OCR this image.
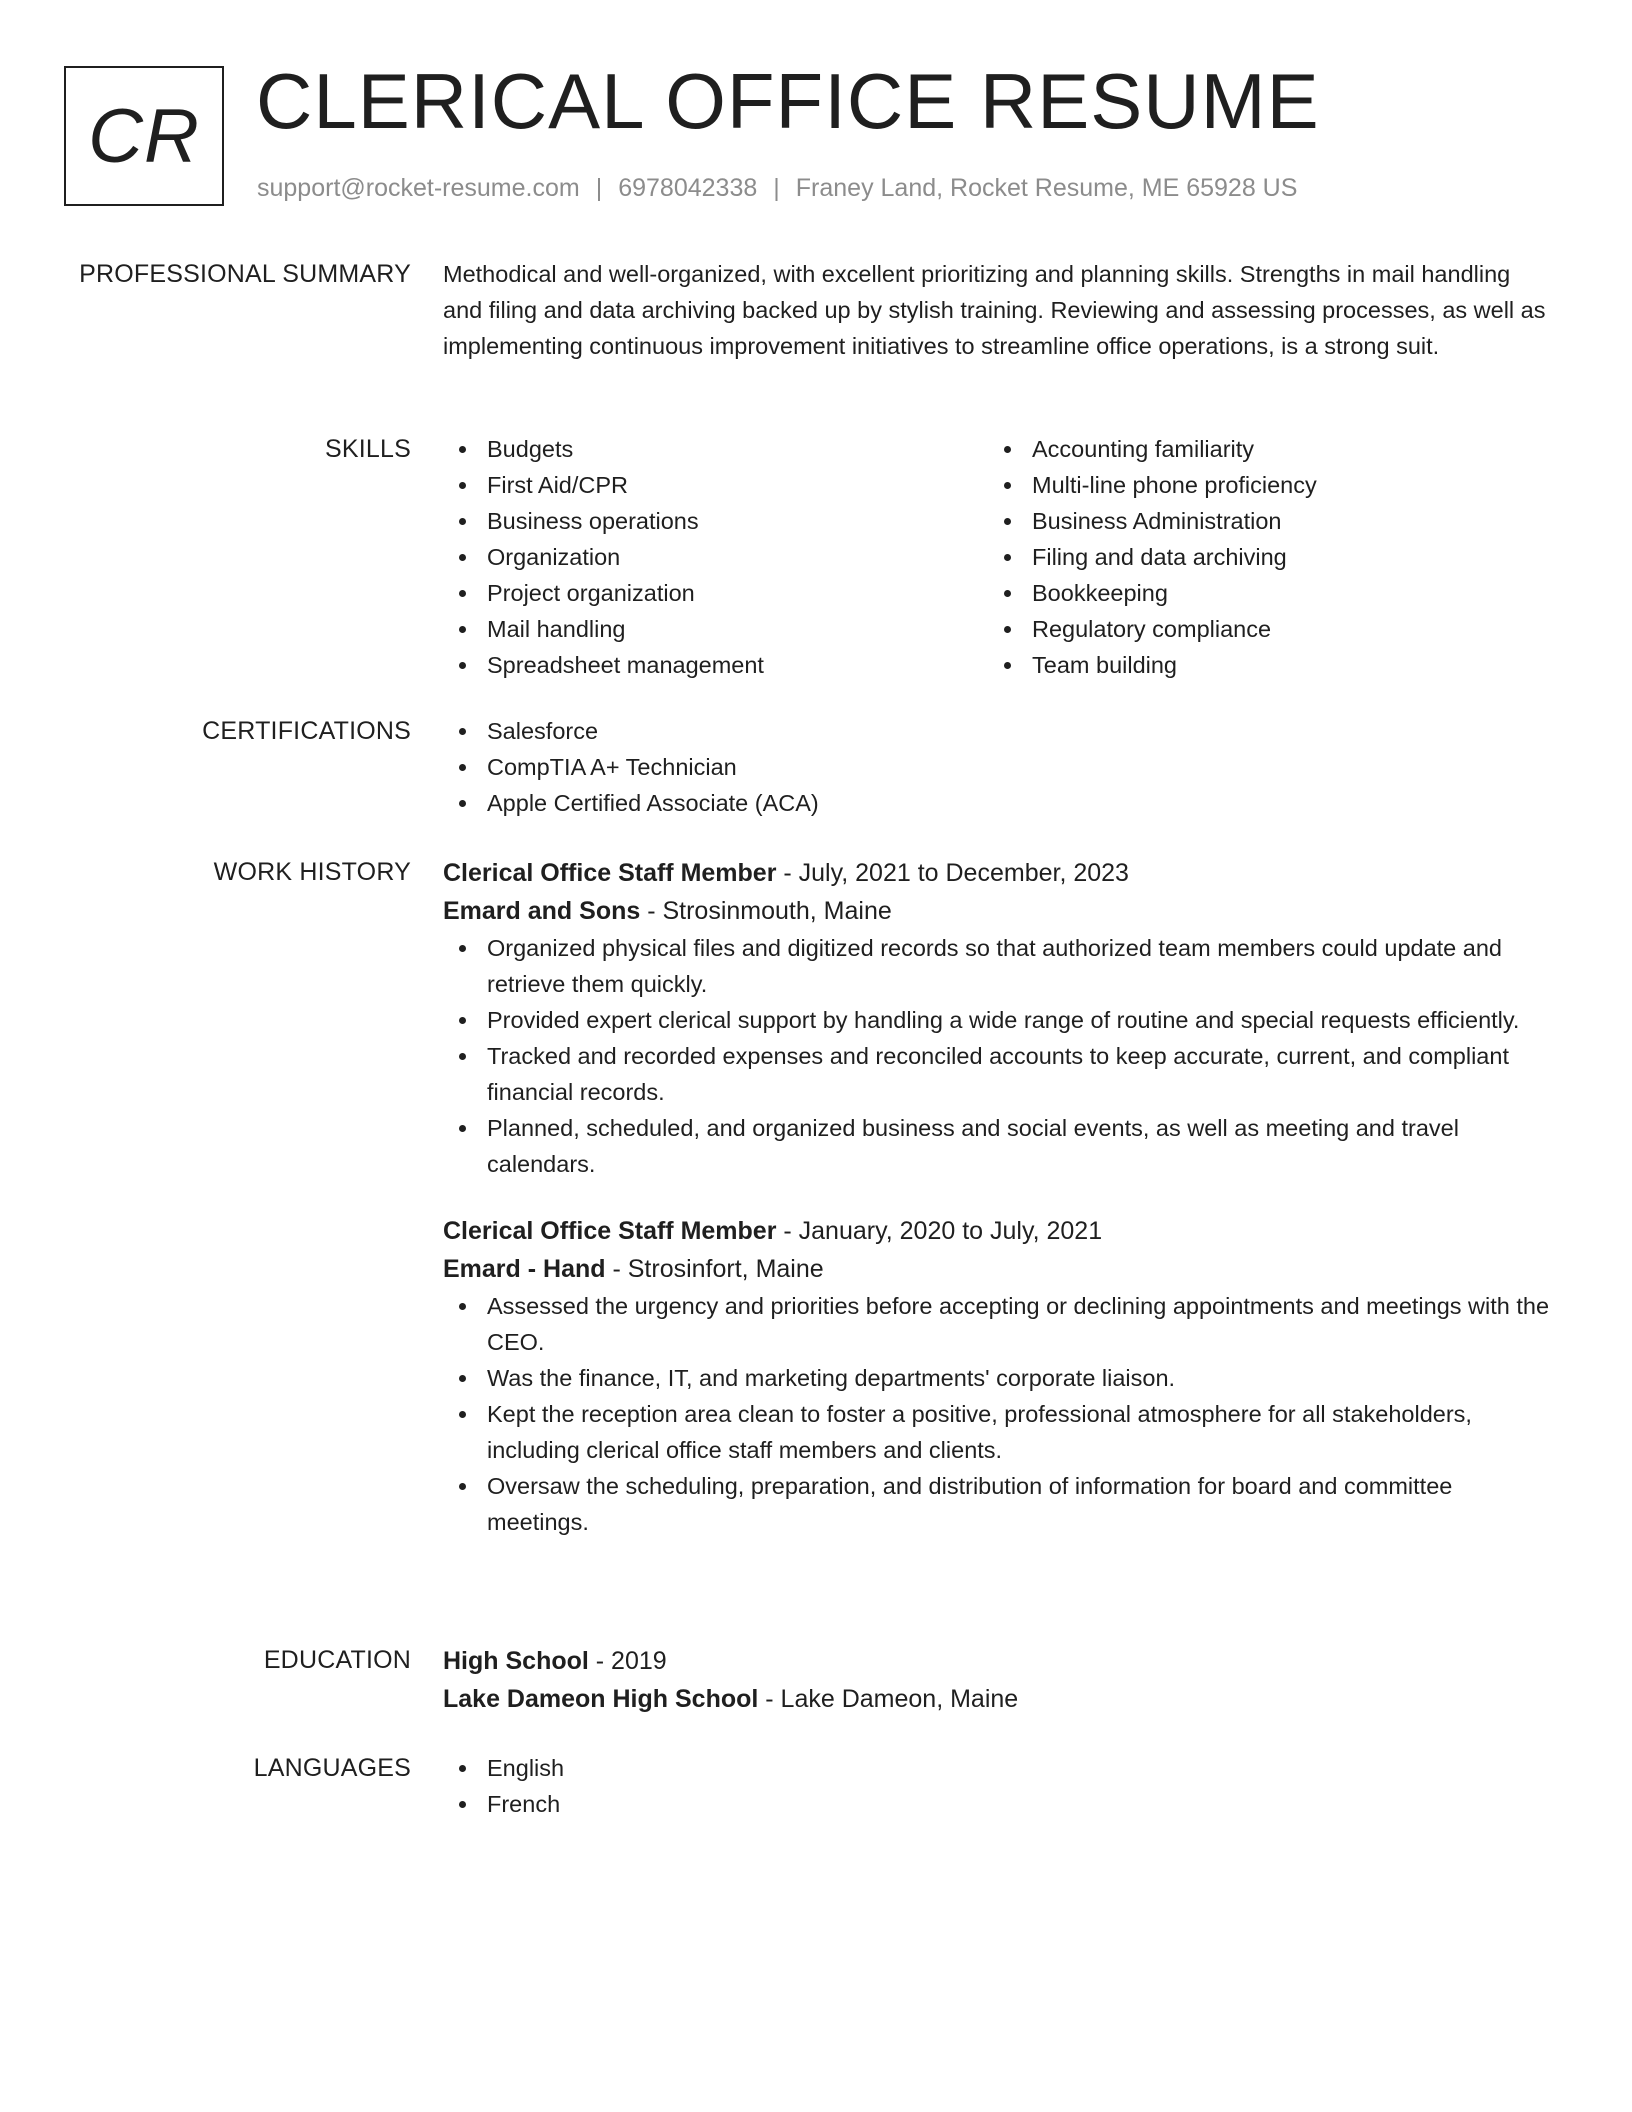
CR CLERICAL OFFICE RESUME
support@rocket-resume.com | 6978042338 | Franey Land, Rocket Resume, ME 65928 US
PROFESSIONAL SUMMARY Methodical and well-organized, with excellent prioritizing and planning skills. Strengths in mail handling and filing and data archiving backed up by stylish training. Reviewing and assessing processes, as well as implementing continuous improvement initiatives to streamline office operations, is a strong suit.

SKILLS	Budgets
First Aid/CPR
Business operations
Organization
Project organization
Mail handling
Spreadsheet management
Accounting familiarity
Multi-line phone proficiency
Business Administration
Filing and data archiving
Bookkeeping
Regulatory compliance
Team building
CERTIFICATIONS	Salesforce
CompTIA A+ Technician
Apple Certified Associate (ACA)
WORK HISTORY Clerical Office Staff Member - July, 2021 to December, 2023
Emard and Sons - Strosinmouth, Maine
Organized physical files and digitized records so that authorized team members could update and retrieve them quickly.
Provided expert clerical support by handling a wide range of routine and special requests efficiently.
Tracked and recorded expenses and reconciled accounts to keep accurate, current, and compliant financial records.
Planned, scheduled, and organized business and social events, as well as meeting and travel calendars.
Clerical Office Staff Member - January, 2020 to July, 2021
Emard - Hand - Strosinfort, Maine
Assessed the urgency and priorities before accepting or declining appointments and meetings with the CEO.
Was the finance, IT, and marketing departments' corporate liaison.
Kept the reception area clean to foster a positive, professional atmosphere for all stakeholders, including clerical office staff members and clients.
Oversaw the scheduling, preparation, and distribution of information for board and committee meetings.
EDUCATION High School - 2019
Lake Dameon High School - Lake Dameon, Maine
LANGUAGES	English
French
